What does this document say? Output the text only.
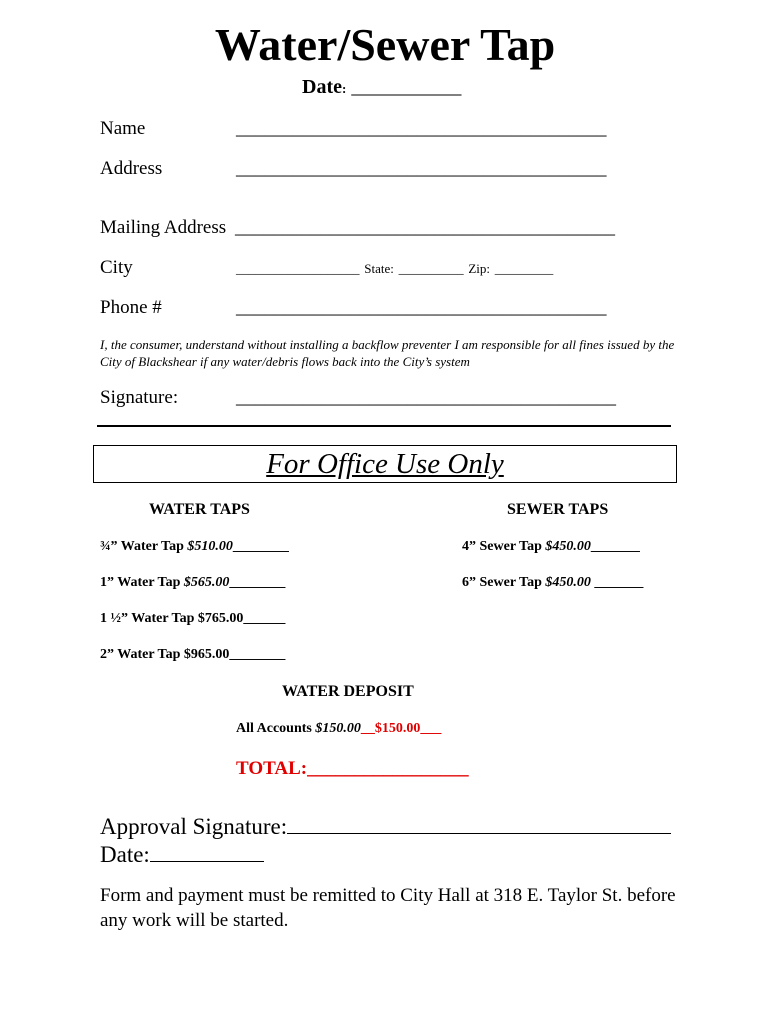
Water/Sewer Tap
Date: ___________
Name	_______________________________________
Address	_______________________________________
Mailing Address ________________________________________
City	___________________ State: __________ Zip: _________
Phone #	_______________________________________
I, the consumer, understand without installing a backflow preventer I am responsible for all fines issued by the City of Blackshear if any water/debris flows back into the City’s system
Signature:	________________________________________
For Office Use Only
WATER TAPS	SEWER TAPS
¾” Water Tap $510.00________
1” Water Tap $565.00________
1 ½” Water Tap $765.00______
2” Water Tap $965.00________
4” Sewer Tap $450.00_______
6” Sewer Tap $450.00 _______
WATER DEPOSIT
All Accounts $150.00__$150.00___
TOTAL:_________________
Approval Signature:
Date:
Form and payment must be remitted to City Hall at 318 E. Taylor St. before any work will be started.
